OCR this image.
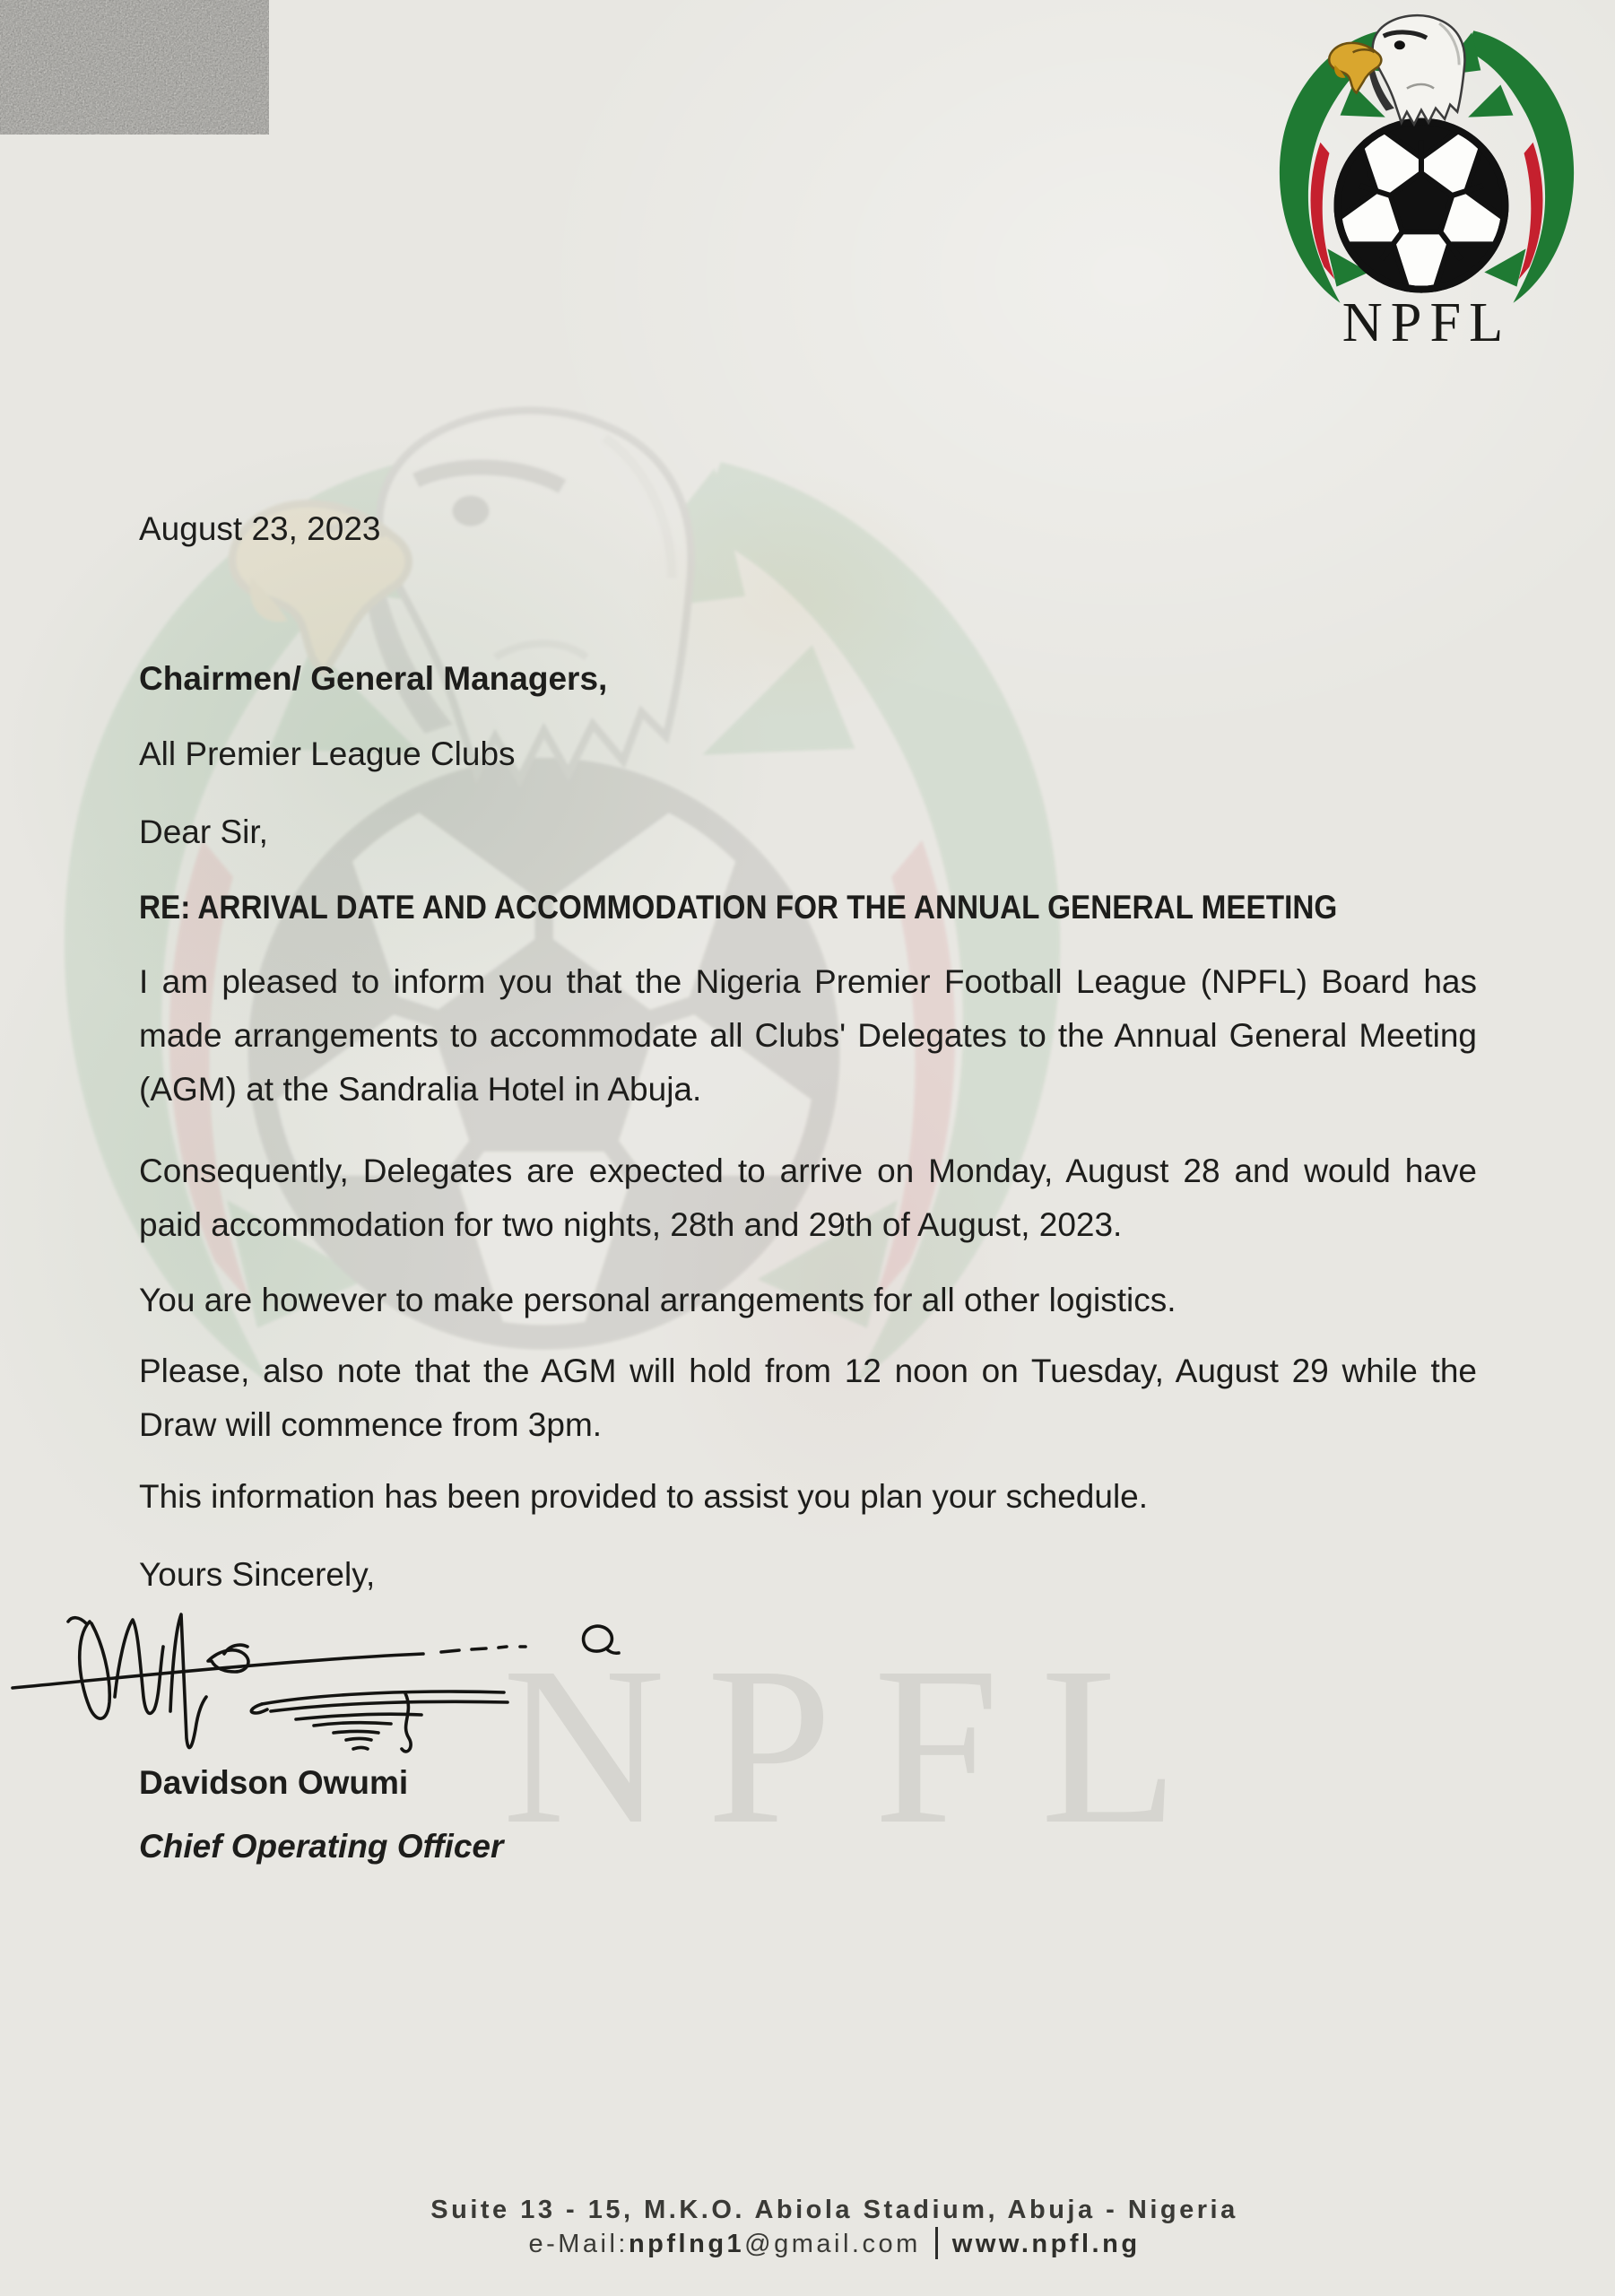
NPFL
NPFL

August 23, 2023

Chairmen/ General Managers,

All Premier League Clubs

Dear Sir,

RE: ARRIVAL DATE AND ACCOMMODATION FOR THE ANNUAL GENERAL MEETING

I am pleased to inform you that the Nigeria Premier Football League (NPFL) Board has made arrangements to accommodate all Clubs' Delegates to the Annual General Meeting (AGM) at the Sandralia Hotel in Abuja.

Consequently, Delegates are expected to arrive on Monday, August 28 and would have paid accommodation for two nights, 28th and 29th of August, 2023.

You are however to make personal arrangements for all other logistics.

Please, also note that the AGM will hold from 12 noon on Tuesday, August 29 while the Draw will commence from 3pm.

This information has been provided to assist you plan your schedule.

Yours Sincerely,

Davidson Owumi

Chief Operating Officer

Suite 13 - 15, M.K.O. Abiola Stadium, Abuja - Nigeria

e-Mail:npflng1@gmail.com www.npfl.ng
